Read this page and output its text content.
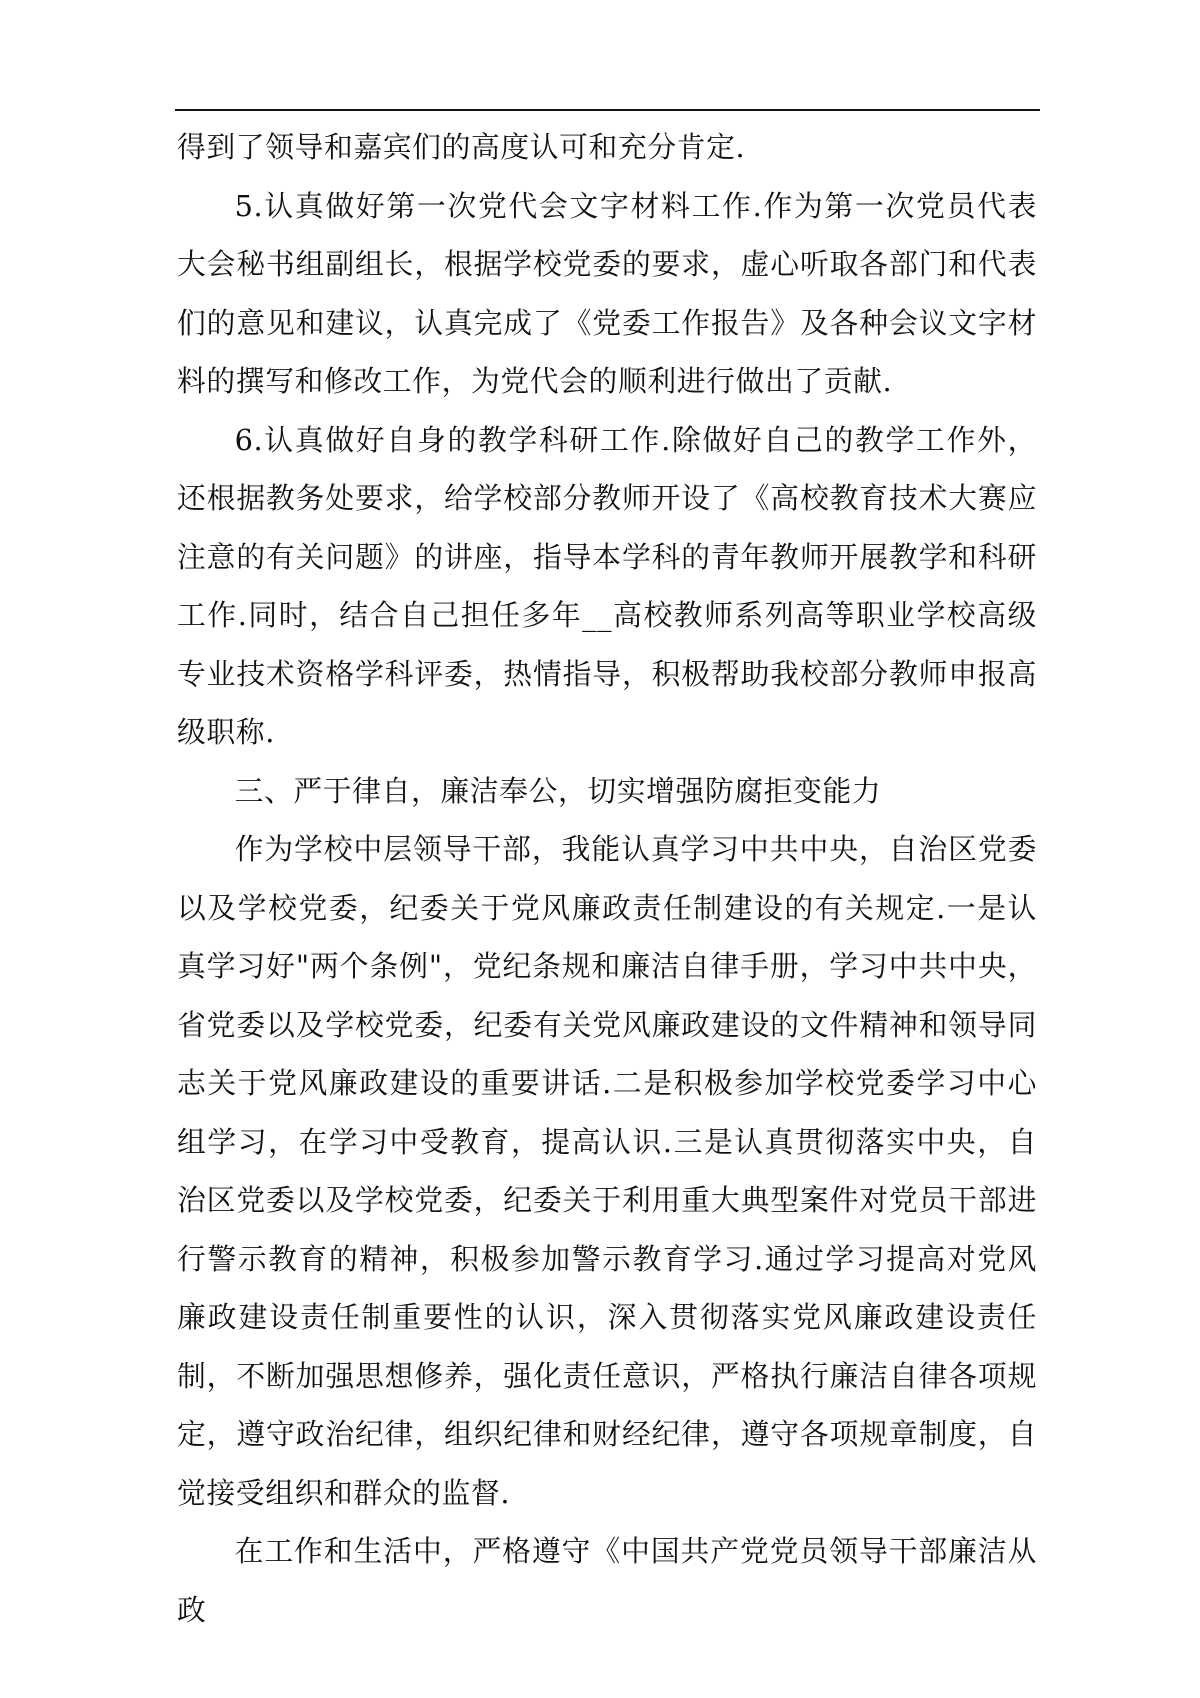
得到了领导和嘉宾们的高度认可和充分肯定.

5.认真做好第一次党代会文字材料工作.作为第一次党员代表大会秘书组副组长，根据学校党委的要求，虚心听取各部门和代表们的意见和建议，认真完成了《党委工作报告》及各种会议文字材料的撰写和修改工作，为党代会的顺利进行做出了贡献.

6.认真做好自身的教学科研工作.除做好自己的教学工作外，还根据教务处要求，给学校部分教师开设了《高校教育技术大赛应注意的有关问题》的讲座，指导本学科的青年教师开展教学和科研工作.同时，结合自己担任多年__高校教师系列高等职业学校高级专业技术资格学科评委，热情指导，积极帮助我校部分教师申报高级职称.

三、严于律自，廉洁奉公，切实增强防腐拒变能力

作为学校中层领导干部，我能认真学习中共中央，自治区党委以及学校党委，纪委关于党风廉政责任制建设的有关规定.一是认真学习好"两个条例"，党纪条规和廉洁自律手册，学习中共中央，省党委以及学校党委，纪委有关党风廉政建设的文件精神和领导同志关于党风廉政建设的重要讲话.二是积极参加学校党委学习中心组学习，在学习中受教育，提高认识.三是认真贯彻落实中央，自治区党委以及学校党委，纪委关于利用重大典型案件对党员干部进行警示教育的精神，积极参加警示教育学习.通过学习提高对党风廉政建设责任制重要性的认识，深入贯彻落实党风廉政建设责任制，不断加强思想修养，强化责任意识，严格执行廉洁自律各项规定，遵守政治纪律，组织纪律和财经纪律，遵守各项规章制度，自觉接受组织和群众的监督.

在工作和生活中，严格遵守《中国共产党党员领导干部廉洁从政
